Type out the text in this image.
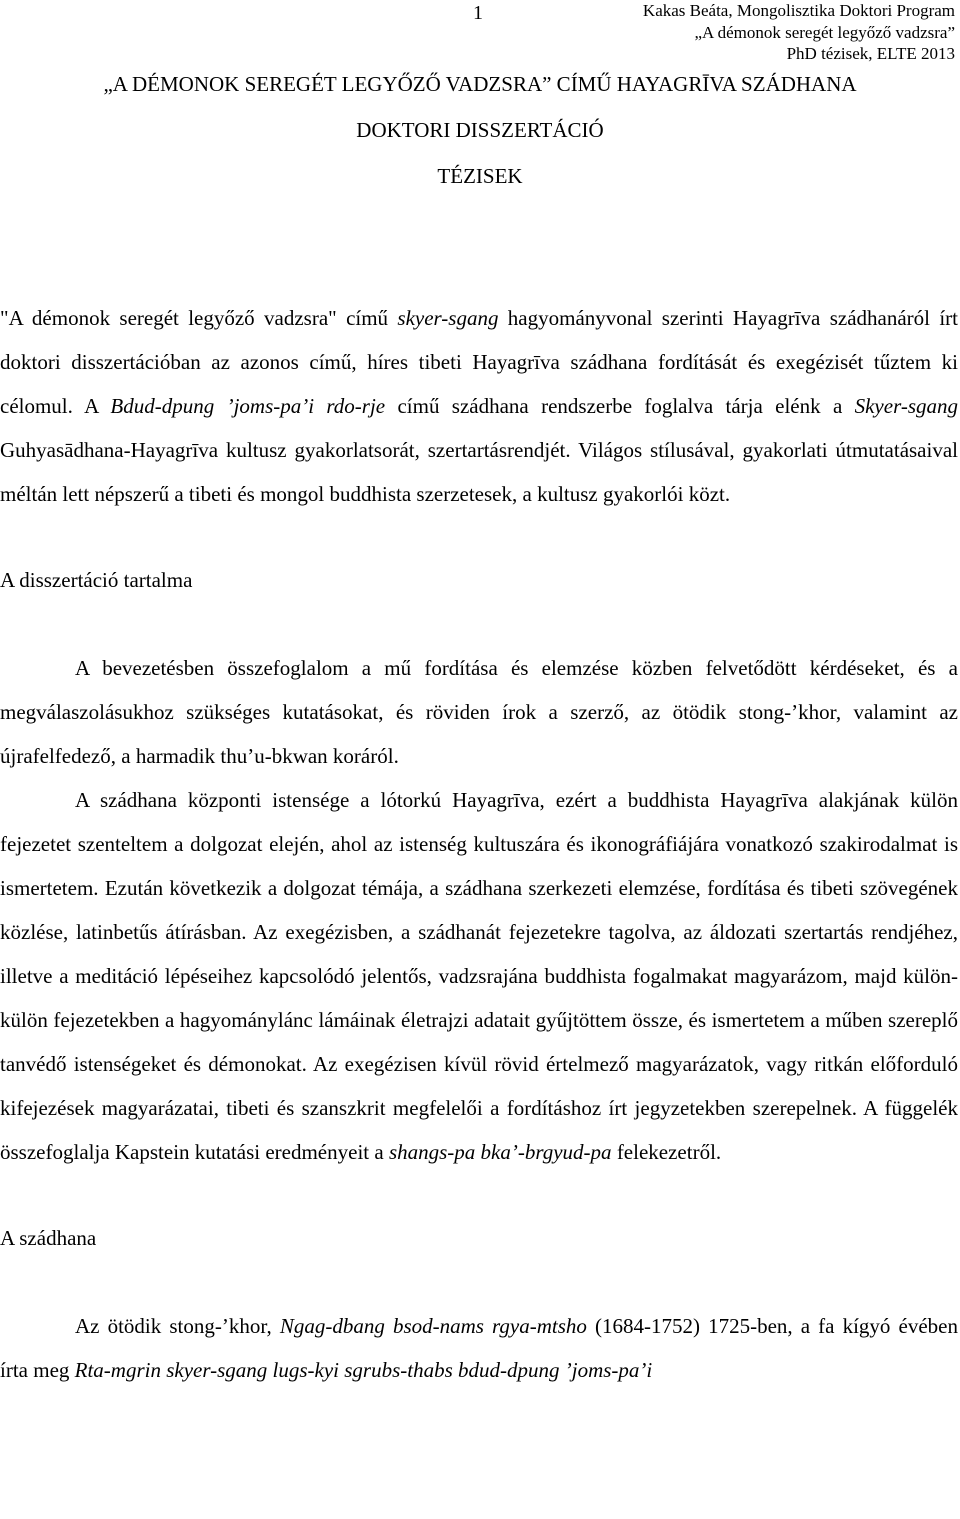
1	Kakas Beáta, Mongolisztika Doktori Program
„A démonok seregét legyőző vadzsra”
PhD tézisek, ELTE 2013
„A DÉMONOK SEREGÉT LEGYŐZŐ VADZSRA” CÍMŰ HAYAGRĪVA SZÁDHANA
DOKTORI DISSZERTÁCIÓ
TÉZISEK

"A démonok seregét legyőző vadzsra" című skyer-sgang hagyományvonal szerinti Hayagrīva szádhanáról írt doktori disszertációban az azonos című, híres tibeti Hayagrīva szádhana fordítását és exegézisét tűztem ki célomul. A Bdud-dpung ’joms-pa’i rdo-rje című szádhana rendszerbe foglalva tárja elénk a Skyer-sgang Guhyasādhana-Hayagrīva kultusz gyakorlatsorát, szertartásrendjét. Világos stílusával, gyakorlati útmutatásaival méltán lett népszerű a tibeti és mongol buddhista szerzetesek, a kultusz gyakorlói közt.

A disszertáció tartalma

A bevezetésben összefoglalom a mű fordítása és elemzése közben felvetődött kérdéseket, és a megválaszolásukhoz szükséges kutatásokat, és röviden írok a szerző, az ötödik stong-’khor, valamint az újrafelfedező, a harmadik thu’u-bkwan koráról.

A szádhana központi istensége a lótorkú Hayagrīva, ezért a buddhista Hayagrīva alakjának külön fejezetet szenteltem a dolgozat elején, ahol az istenség kultuszára és ikonográfiájára vonatkozó szakirodalmat is ismertetem. Ezután következik a dolgozat témája, a szádhana szerkezeti elemzése, fordítása és tibeti szövegének közlése, latinbetűs átírásban. Az exegézisben, a szádhanát fejezetekre tagolva, az áldozati szertartás rendjéhez, illetve a meditáció lépéseihez kapcsolódó jelentős, vadzsrajána buddhista fogalmakat magyarázom, majd külön-külön fejezetekben a hagyománylánc lámáinak életrajzi adatait gyűjtöttem össze, és ismertetem a műben szereplő tanvédő istenségeket és démonokat. Az exegézisen kívül rövid értelmező magyarázatok, vagy ritkán előforduló kifejezések magyarázatai, tibeti és szanszkrit megfelelői a fordításhoz írt jegyzetekben szerepelnek. A függelék összefoglalja Kapstein kutatási eredményeit a shangs-pa bka’-brgyud-pa felekezetről.

A szádhana

Az ötödik stong-’khor, Ngag-dbang bsod-nams rgya-mtsho (1684-1752) 1725-ben, a fa kígyó évében írta meg Rta-mgrin skyer-sgang lugs-kyi sgrubs-thabs bdud-dpung ’joms-pa’i
